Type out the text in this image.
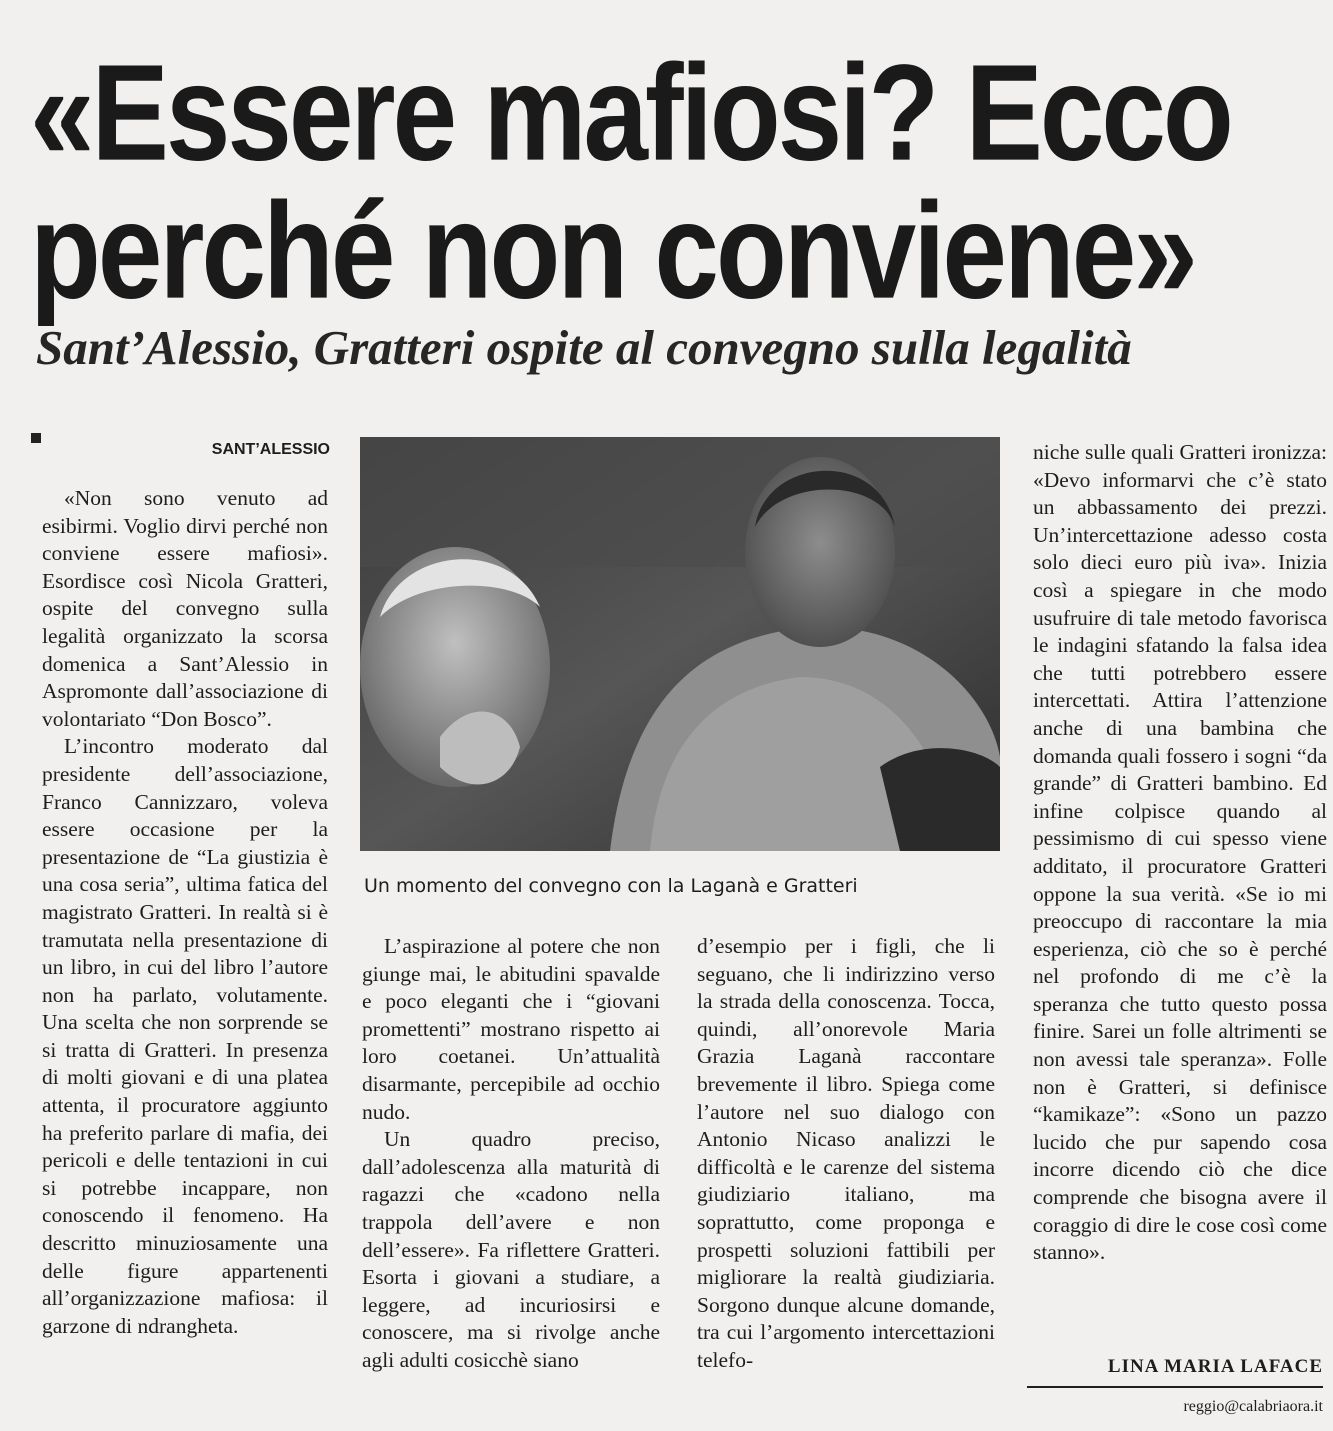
«Essere mafiosi? Ecco
perché non conviene»
Sant’Alessio, Gratteri ospite al convegno sulla legalità
SANT’ALESSIO
Un momento del convegno con la Laganà e Gratteri

«Non sono venuto ad esibirmi. Voglio dirvi perché non conviene essere mafiosi». Esordisce così Nicola Gratteri, ospite del convegno sulla legalità organizzato la scorsa domenica a Sant’Alessio in Aspromonte dall’associazione di volontariato “Don Bosco”.

L’incontro moderato dal presidente dell’associazione, Franco Cannizzaro, voleva essere occasione per la presentazione de “La giustizia è una cosa seria”, ultima fatica del magistrato Gratteri. In realtà si è tramutata nella presentazione di un libro, in cui del libro l’autore non ha parlato, volutamente. Una scelta che non sorprende se si tratta di Gratteri. In presenza di molti giovani e di una platea attenta, il procuratore aggiunto ha preferito parlare di mafia, dei pericoli e delle tentazioni in cui si potrebbe incappare, non conoscendo il fenomeno. Ha descritto minuziosamente una delle figure appartenenti all’organizzazione mafiosa: il garzone di ndrangheta.

L’aspirazione al potere che non giunge mai, le abitudini spavalde e poco eleganti che i “giovani promettenti” mostrano rispetto ai loro coetanei. Un’attualità disarmante, percepibile ad occhio nudo.

Un quadro preciso, dall’adolescenza alla maturità di ragazzi che «cadono nella trappola dell’avere e non dell’essere». Fa riflettere Gratteri. Esorta i giovani a studiare, a leggere, ad incuriosirsi e conoscere, ma si rivolge anche agli adulti cosicchè siano

d’esempio per i figli, che li seguano, che li indirizzino verso la strada della conoscenza. Tocca, quindi, all’onorevole Maria Grazia Laganà raccontare brevemente il libro. Spiega come l’autore nel suo dialogo con Antonio Nicaso analizzi le difficoltà e le carenze del sistema giudiziario italiano, ma soprattutto, come proponga e prospetti soluzioni fattibili per migliorare la realtà giudiziaria. Sorgono dunque alcune domande, tra cui l’argomento intercettazioni telefo-

niche sulle quali Gratteri ironizza: «Devo informarvi che c’è stato un abbassamento dei prezzi. Un’intercettazione adesso costa solo dieci euro più iva». Inizia così a spiegare in che modo usufruire di tale metodo favorisca le indagini sfatando la falsa idea che tutti potrebbero essere intercettati. Attira l’attenzione anche di una bambina che domanda quali fossero i sogni “da grande” di Gratteri bambino. Ed infine colpisce quando al pessimismo di cui spesso viene additato, il procuratore Gratteri oppone la sua verità. «Se io mi preoccupo di raccontare la mia esperienza, ciò che so è perché nel profondo di me c’è la speranza che tutto questo possa finire. Sarei un folle altrimenti se non avessi tale speranza». Folle non è Gratteri, si definisce “kamikaze”: «Sono un pazzo lucido che pur sapendo cosa incorre dicendo ciò che dice comprende che bisogna avere il coraggio di dire le cose così come stanno».

LINA MARIA LAFACE
reggio@calabriaora.it
